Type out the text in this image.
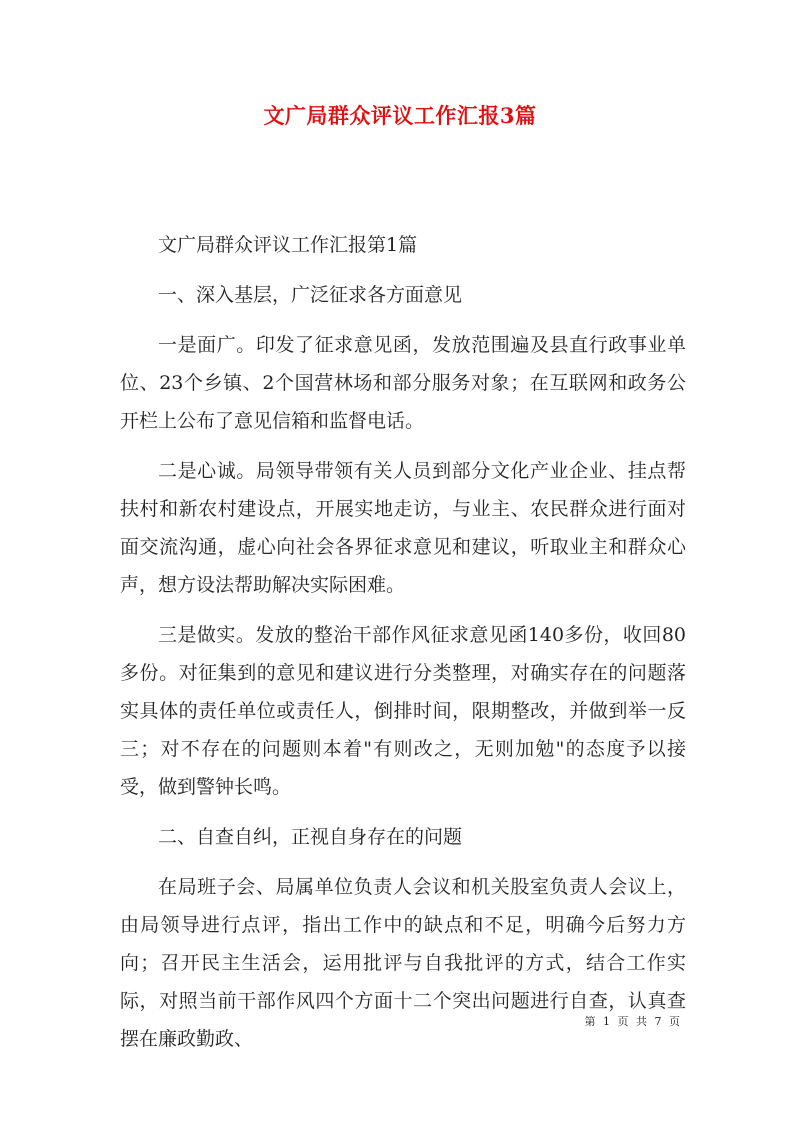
文广局群众评议工作汇报3篇

文广局群众评议工作汇报第1篇

一、深入基层，广泛征求各方面意见

一是面广。印发了征求意见函，发放范围遍及县直行政事业单位、23个乡镇、2个国营林场和部分服务对象；在互联网和政务公开栏上公布了意见信箱和监督电话。

二是心诚。局领导带领有关人员到部分文化产业企业、挂点帮扶村和新农村建设点，开展实地走访，与业主、农民群众进行面对面交流沟通，虚心向社会各界征求意见和建议，听取业主和群众心声，想方设法帮助解决实际困难。

三是做实。发放的整治干部作风征求意见函140多份，收回80多份。对征集到的意见和建议进行分类整理，对确实存在的问题落实具体的责任单位或责任人，倒排时间，限期整改，并做到举一反三；对不存在的问题则本着"有则改之，无则加勉"的态度予以接受，做到警钟长鸣。

二、自查自纠，正视自身存在的问题

在局班子会、局属单位负责人会议和机关股室负责人会议上，由局领导进行点评，指出工作中的缺点和不足，明确今后努力方向；召开民主生活会，运用批评与自我批评的方式，结合工作实际，对照当前干部作风四个方面十二个突出问题进行自查，认真查摆在廉政勤政、

第 1 页 共 7 页
